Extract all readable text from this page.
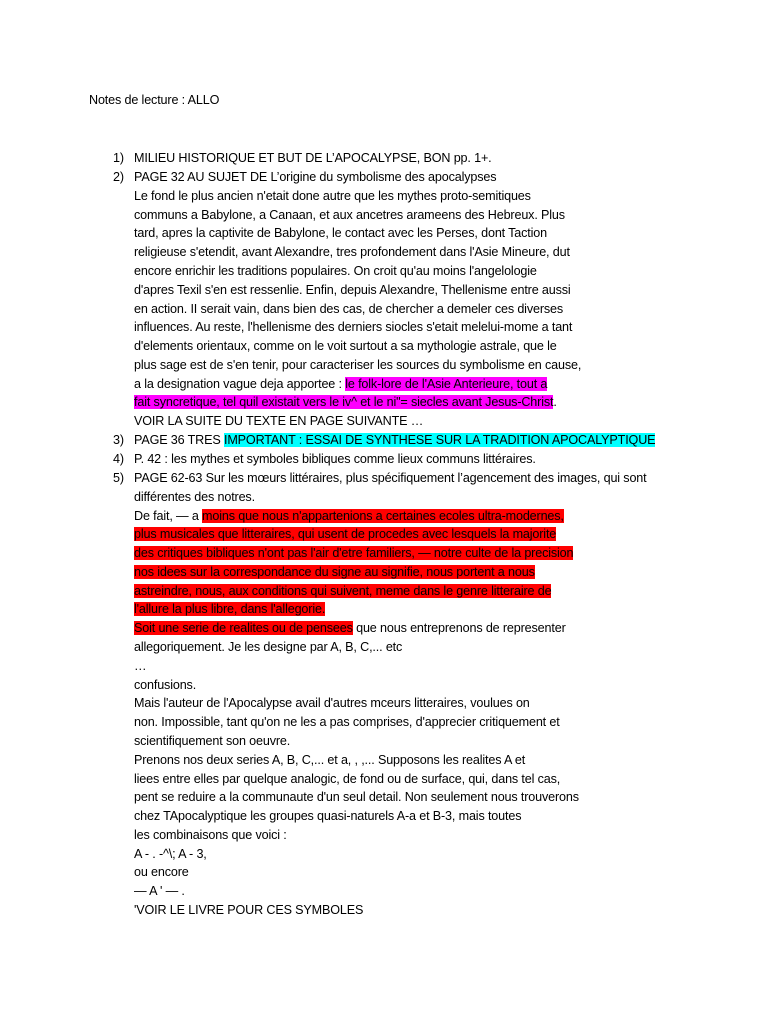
Notes de lecture : ALLO
1)
2)
3)
4)
5)
MILIEU HISTORIQUE ET BUT DE L’APOCALYPSE, BON pp. 1+.
PAGE 32 AU SUJET DE L’origine du symbolisme des apocalypses
Le fond le plus ancien n'etait done autre que les mythes proto-semitiques
communs a Babylone, a Canaan, et aux ancetres arameens des Hebreux. Plus
tard, apres la captivite de Babylone, le contact avec les Perses, dont Taction
religieuse s'etendit, avant Alexandre, tres profondement dans l'Asie Mineure, dut
encore enrichir les traditions populaires. On croit qu'au moins l'angelologie
d'apres Texil s'en est ressenlie. Enfin, depuis Alexandre, Thellenisme entre aussi
en action. II serait vain, dans bien des cas, de chercher a demeler ces diverses
influences. Au reste, l'hellenisme des derniers siocles s'etait melelui-mome a tant
d'elements orientaux, comme on le voit surtout a sa mythologie astrale, que le
plus sage est de s'en tenir, pour caracteriser les sources du symbolisme en cause,
a la designation vague deja apportee : le folk-lore de l'Asie Anterieure, tout a
fait syncretique, tel quil existait vers le iv^ et le ni"= siecles avant Jesus-Christ.
VOIR LA SUITE DU TEXTE EN PAGE SUIVANTE …
PAGE 36 TRES IMPORTANT : ESSAI DE SYNTHESE SUR LA TRADITION APOCALYPTIQUE
P. 42 : les mythes et symboles bibliques comme lieux communs littéraires.
PAGE 62-63 Sur les mœurs littéraires, plus spécifiquement l’agencement des images, qui sont
différentes des notres.
De fait, — a moins que nous n'appartenions a certaines ecoles ultra-modernes,
plus musicales que litteraires, qui usent de procedes avec lesquels la majorite
des critiques bibliques n'ont pas l'air d'etre familiers, — notre culte de la precision
nos idees sur la correspondance du signe au signifie, nous portent a nous
astreindre, nous, aux conditions qui suivent, meme dans le genre litteraire de
l'allure la plus libre, dans l'allegorie.
Soit une serie de realites ou de pensees que nous entreprenons de representer
allegoriquement. Je les designe par A, B, C,... etc
…
confusions.
Mais l'auteur de l'Apocalypse avail d'autres mceurs litteraires, voulues on
non. Impossible, tant qu'on ne les a pas comprises, d'apprecier critiquement et
scientifiquement son oeuvre.
Prenons nos deux series A, B, C,... et a, , ,... Supposons les realites A et
liees entre elles par quelque analogic, de fond ou de surface, qui, dans tel cas,
pent se reduire a la communaute d'un seul detail. Non seulement nous trouverons
chez TApocalyptique les groupes quasi-naturels A-a et B-3, mais toutes
les combinaisons que voici :
A - . -^\; A - 3,
ou encore
— A ' — .
'VOIR LE LIVRE POUR CES SYMBOLES
